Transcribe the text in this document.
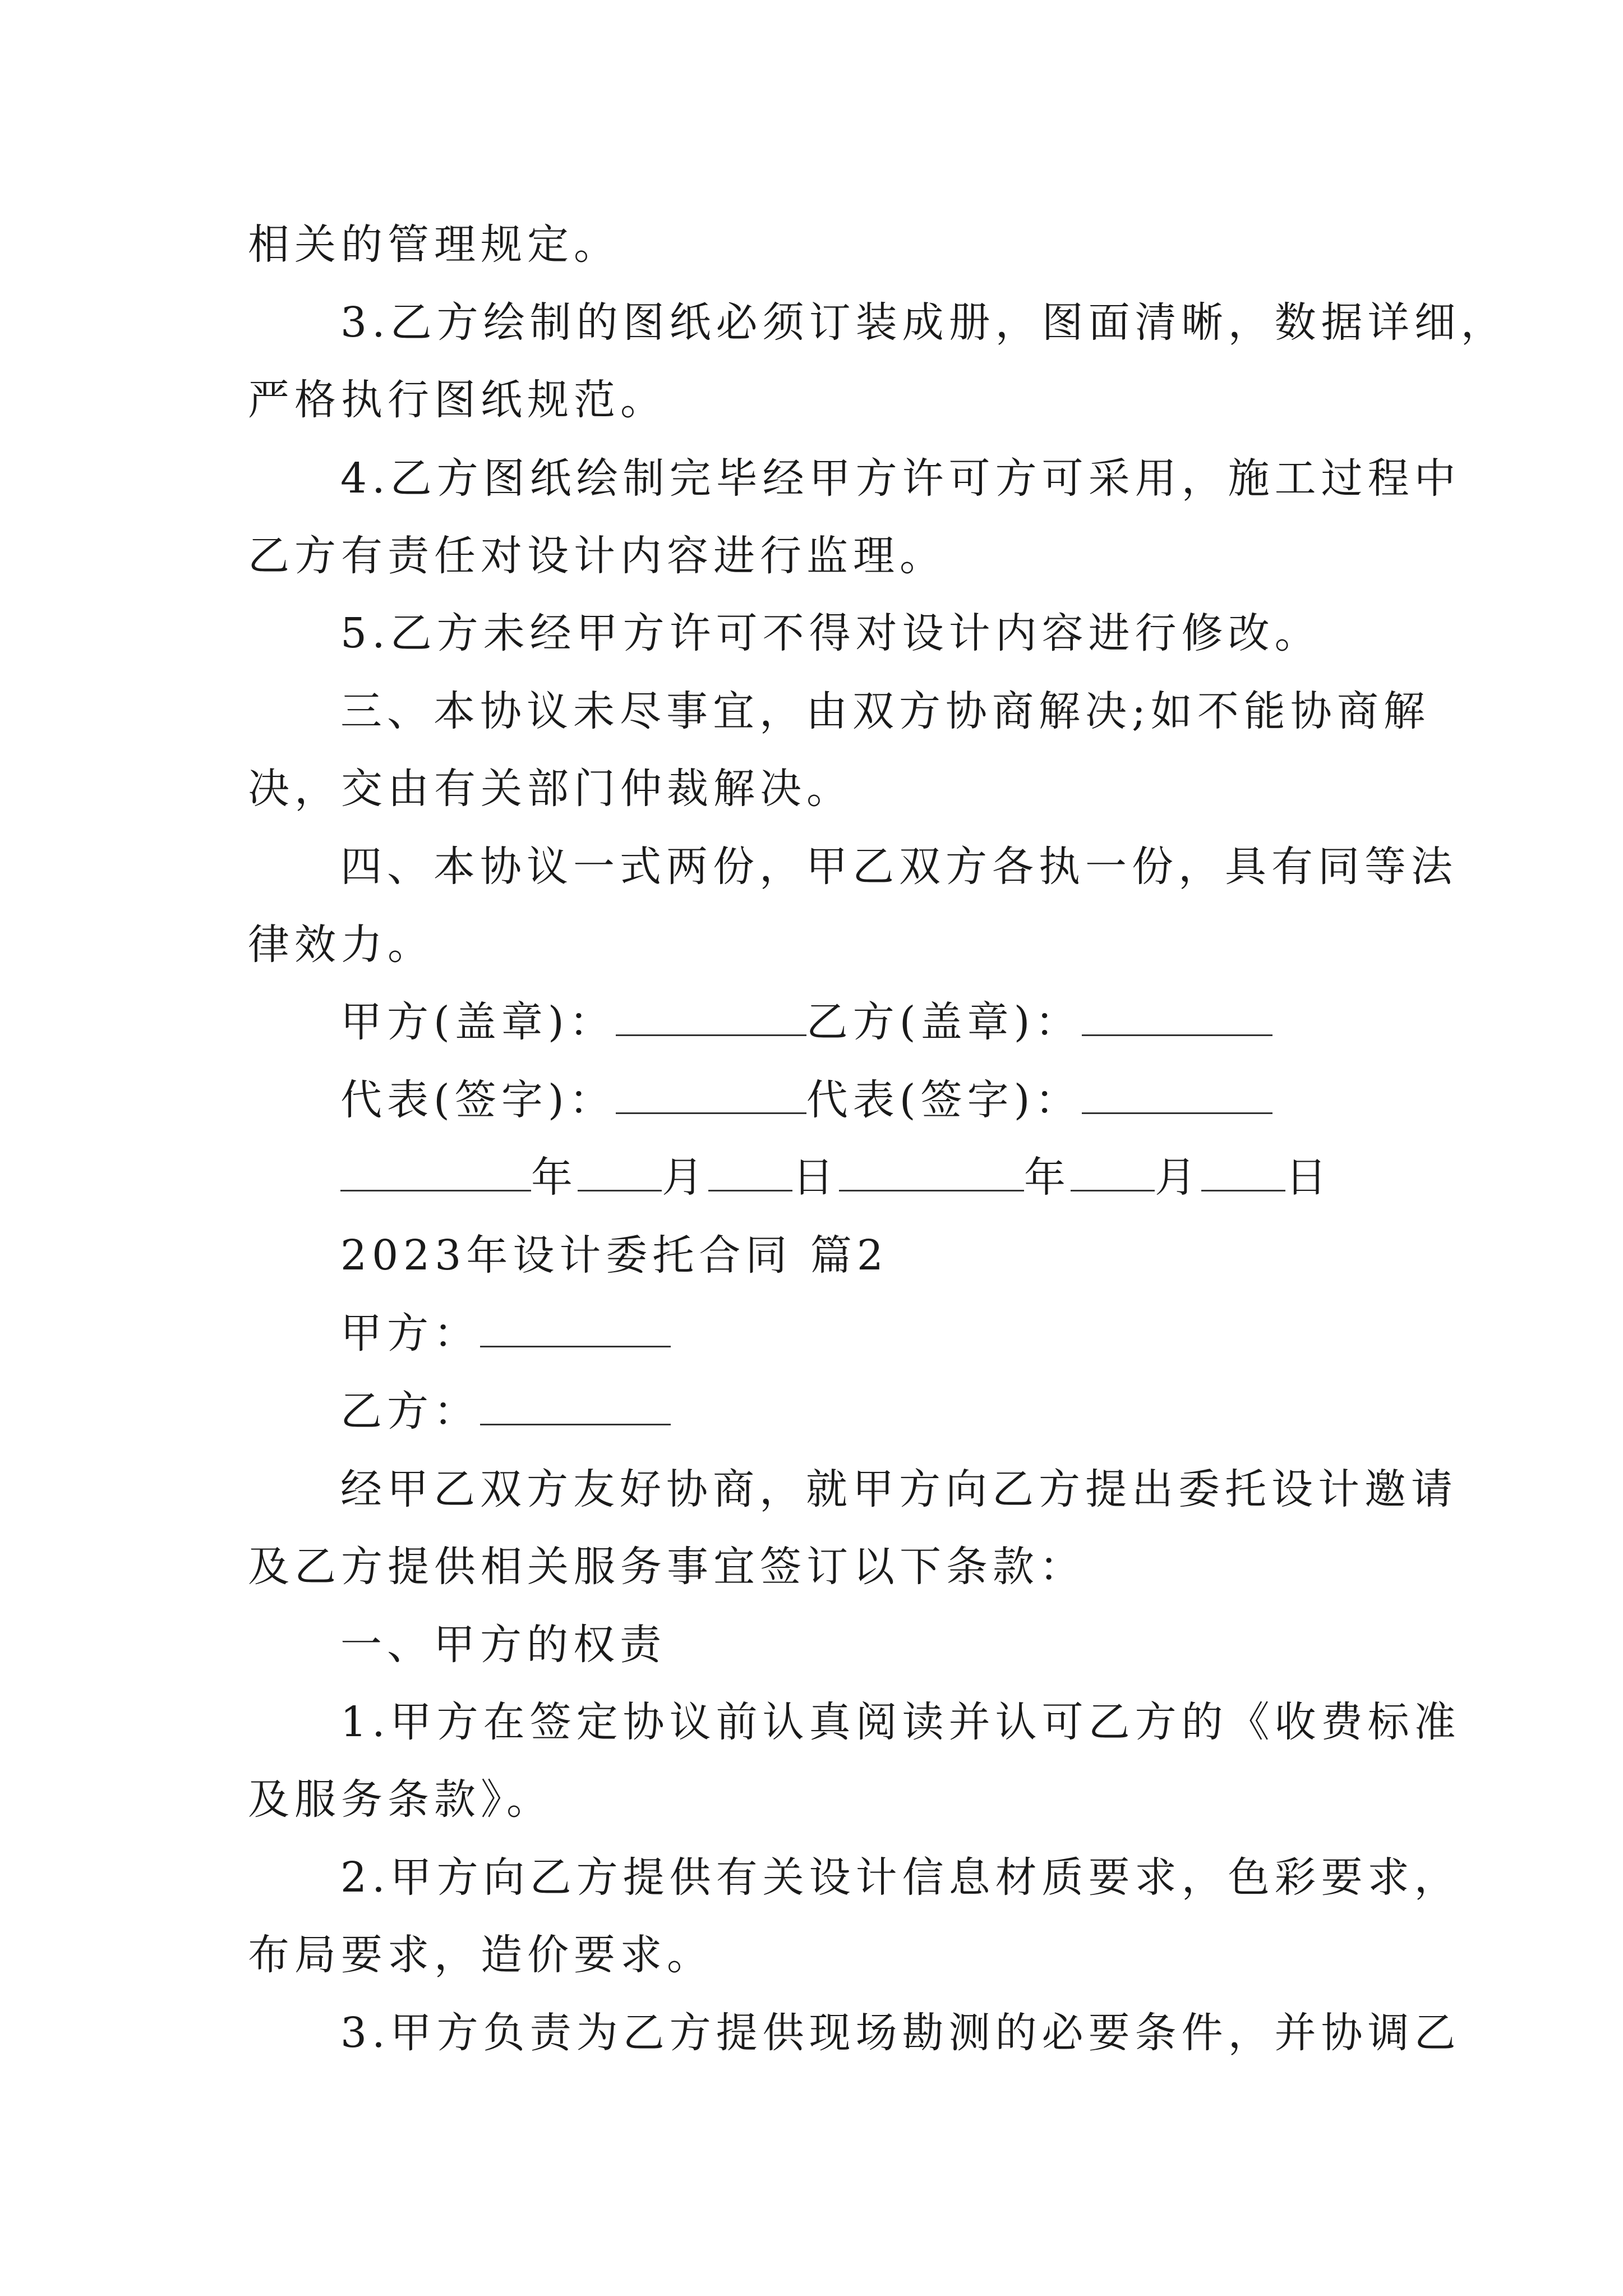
相关的管理规定。
3.乙方绘制的图纸必须订装成册，图面清晰，数据详细，
严格执行图纸规范。
4.乙方图纸绘制完毕经甲方许可方可采用，施工过程中
乙方有责任对设计内容进行监理。
5.乙方未经甲方许可不得对设计内容进行修改。
三、本协议未尽事宜，由双方协商解决;如不能协商解
决，交由有关部门仲裁解决。
四、本协议一式两份，甲乙双方各执一份，具有同等法
律效力。
甲方(盖章)：	乙方(盖章)：
代表(签字)：	代表(签字)：
年 月 日	年 月 日
2023年设计委托合同 篇2
甲方：
乙方：
经甲乙双方友好协商，就甲方向乙方提出委托设计邀请
及乙方提供相关服务事宜签订以下条款：
一、甲方的权责
1.甲方在签定协议前认真阅读并认可乙方的《收费标准
及服务条款》。
2.甲方向乙方提供有关设计信息材质要求，色彩要求，
布局要求，造价要求。
3.甲方负责为乙方提供现场勘测的必要条件，并协调乙
